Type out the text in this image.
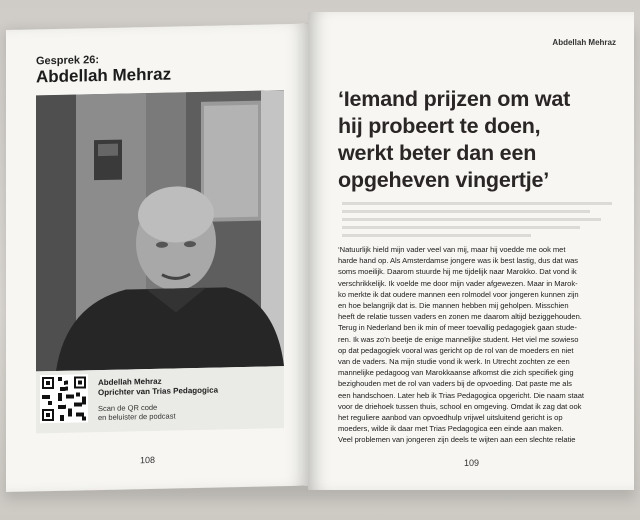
Gesprek 26:
Abdellah Mehraz
Abdellah Mehraz
Oprichter van Trias Pedagogica
Scan de QR code
en beluister de podcast
108
Abdellah Mehraz
‘Iemand prijzen om wat
hij probeert te doen,
werkt beter dan een
opgeheven vingertje’
‘Natuurlijk hield mijn vader veel van mij, maar hij voedde me ook met
harde hand op. Als Amsterdamse jongere was ik best lastig, dus dat was
soms moeilijk. Daarom stuurde hij me tijdelijk naar Marokko. Dat vond ik
verschrikkelijk. Ik voelde me door mijn vader afgewezen. Maar in Marok-
ko merkte ik dat oudere mannen een rolmodel voor jongeren kunnen zijn
en hoe belangrijk dat is. Die mannen hebben mij geholpen. Misschien
heeft de relatie tussen vaders en zonen me daarom altijd beziggehouden.
Terug in Nederland ben ik min of meer toevallig pedagogiek gaan stude-
ren. Ik was zo’n beetje de enige mannelijke student. Het viel me sowieso
op dat pedagogiek vooral was gericht op de rol van de moeders en niet
van de vaders. Na mijn studie vond ik werk. In Utrecht zochten ze een
mannelijke pedagoog van Marokkaanse afkomst die zich specifiek ging
bezighouden met de rol van vaders bij de opvoeding. Dat paste me als
een handschoen. Later heb ik Trias Pedagogica opgericht. Die naam staat
voor de driehoek tussen thuis, school en omgeving. Omdat ik zag dat ook
het reguliere aanbod van opvoedhulp vrijwel uitsluitend gericht is op
moeders, wilde ik daar met Trias Pedagogica een einde aan maken.
Veel problemen van jongeren zijn deels te wijten aan een slechte relatie
109
